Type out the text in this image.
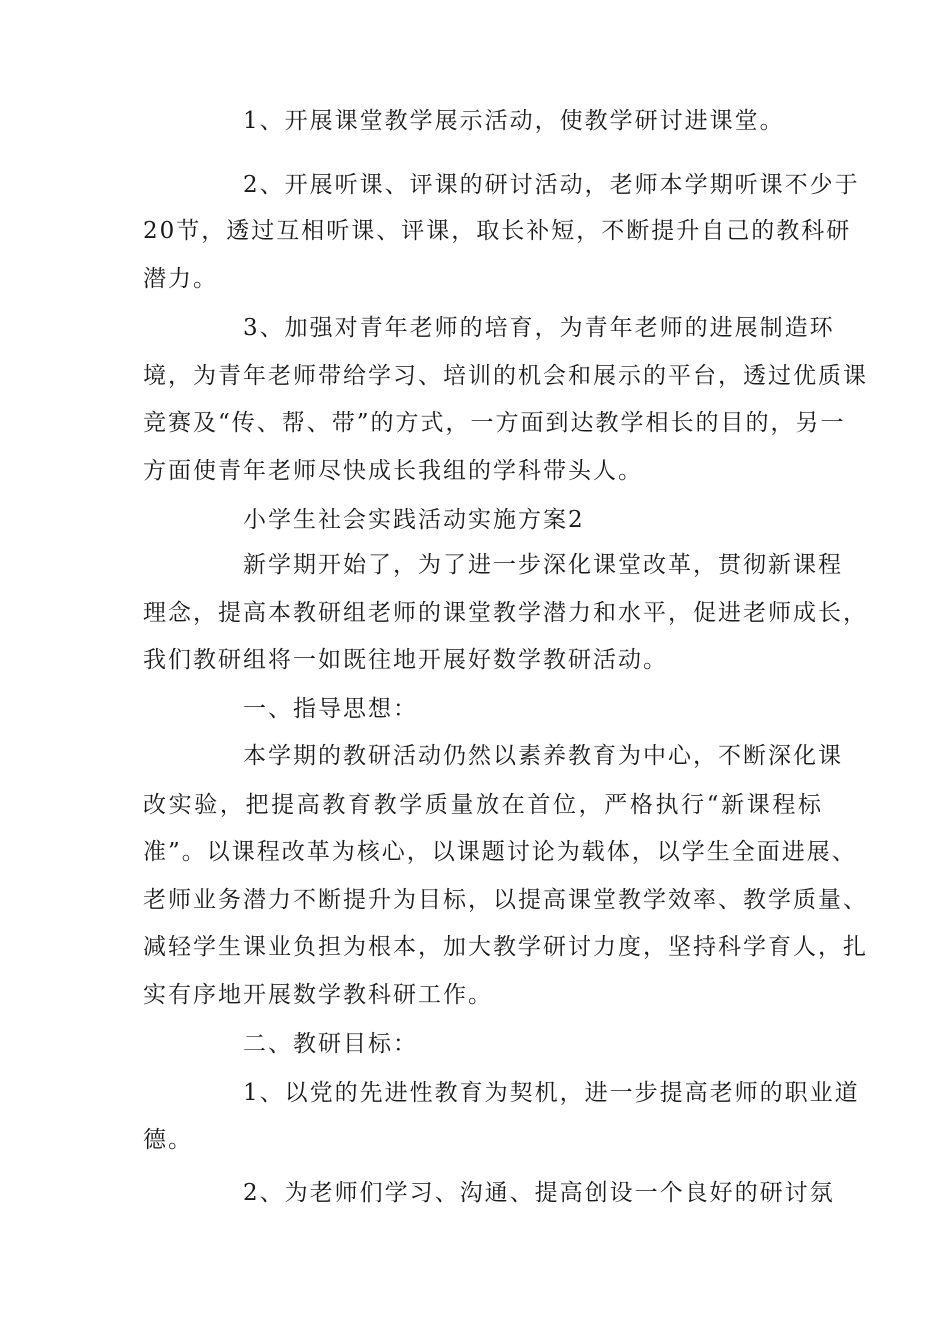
1、开展课堂教学展示活动，使教学研讨进课堂。
2、开展听课、评课的研讨活动，老师本学期听课不少于
20节，透过互相听课、评课，取长补短，不断提升自己的教科研
潜力。
3、加强对青年老师的培育，为青年老师的进展制造环
境，为青年老师带给学习、培训的机会和展示的平台，透过优质课
竞赛及“传、帮、带”的方式，一方面到达教学相长的目的，另一
方面使青年老师尽快成长我组的学科带头人。
小学生社会实践活动实施方案2
新学期开始了，为了进一步深化课堂改革，贯彻新课程
理念，提高本教研组老师的课堂教学潜力和水平，促进老师成长，
我们教研组将一如既往地开展好数学教研活动。
一、指导思想：
本学期的教研活动仍然以素养教育为中心，不断深化课
改实验，把提高教育教学质量放在首位，严格执行“新课程标
准”。以课程改革为核心，以课题讨论为载体，以学生全面进展、
老师业务潜力不断提升为目标，以提高课堂教学效率、教学质量、
减轻学生课业负担为根本，加大教学研讨力度，坚持科学育人，扎
实有序地开展数学教科研工作。
二、教研目标：
1、以党的先进性教育为契机，进一步提高老师的职业道
德。
2、为老师们学习、沟通、提高创设一个良好的研讨氛
